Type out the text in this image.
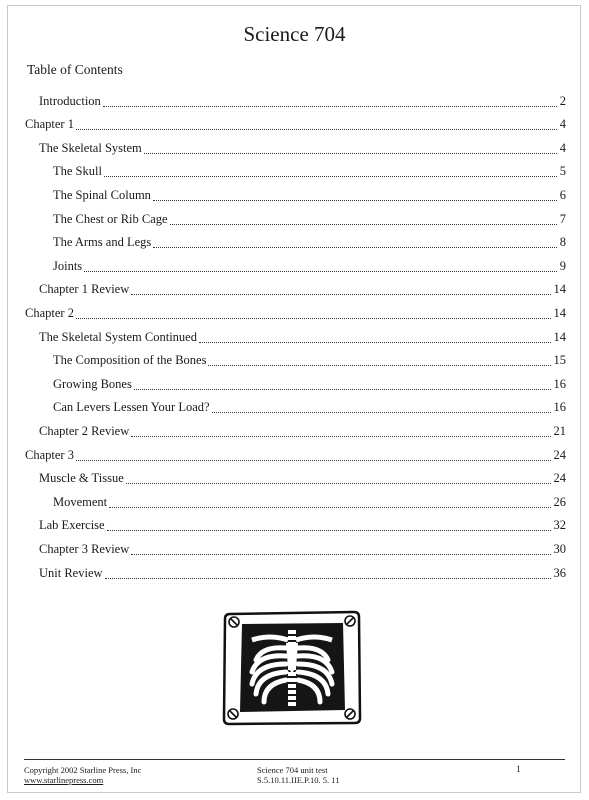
Science 704
Table of Contents
Introduction	2
Chapter 1	4
The Skeletal System	4
The Skull	5
The Spinal Column	6
The Chest or Rib Cage	7
The Arms and Legs	8
Joints	9
Chapter 1 Review	14
Chapter 2	14
The Skeletal System Continued	14
The Composition of the Bones	15
Growing Bones	16
Can Levers Lessen Your Load?	16
Chapter 2 Review	21
Chapter 3	24
Muscle & Tissue	24
Movement	26
Lab Exercise	32
Chapter 3 Review	30
Unit Review	36
Copyright 2002 Starline Press, Inc
www.starlinepress.com
Science 704 unit test
S.5.10.11.IIE.P.10. 5. 11
1
